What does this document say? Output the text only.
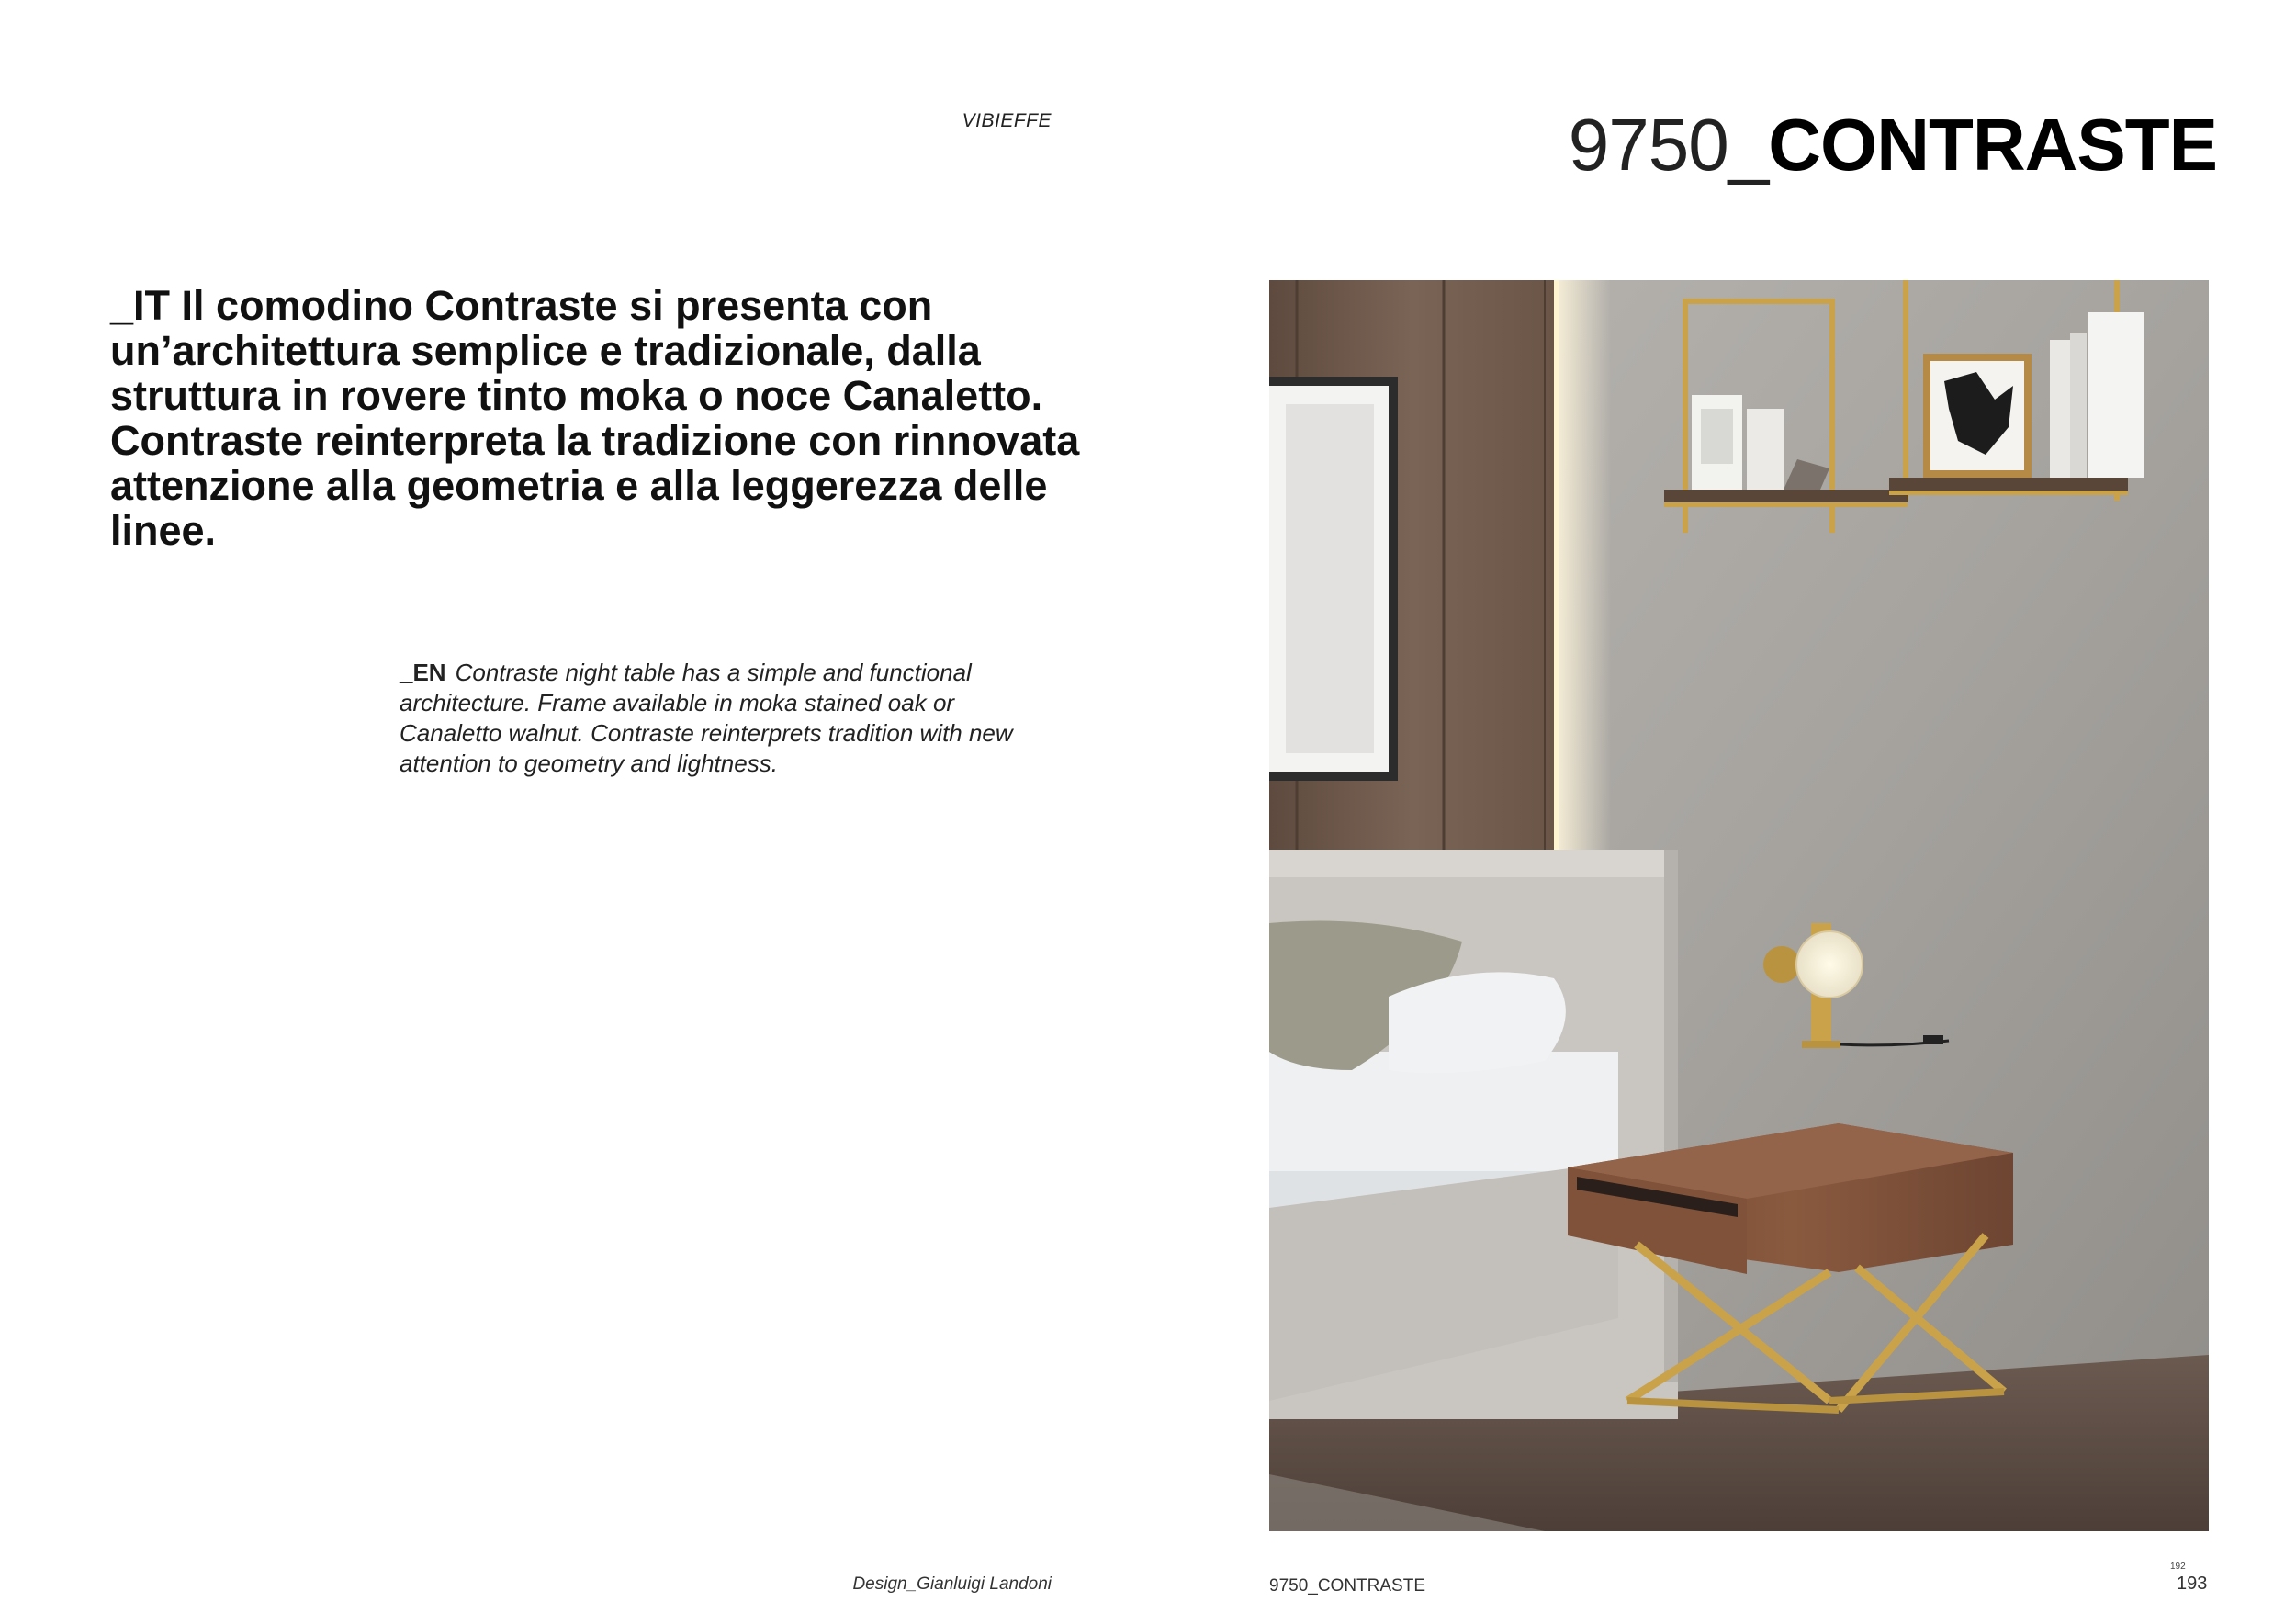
VIBIEFFE	9750_CONTRASTE
_IT Il comodino Contraste si presenta con un’architettura semplice e tradizionale, dalla struttura in rovere tinto moka o noce Canaletto. Contraste reinterpreta la tradizione con rinnovata attenzione alla geometria e alla leggerezza delle linee.
_EN Contraste night table has a simple and functional architecture. Frame available in moka stained oak or Canaletto walnut. Contraste reinterprets tradition with new attention to geometry and lightness.
Design_Gianluigi Landoni	9750_CONTRASTE
192
193
